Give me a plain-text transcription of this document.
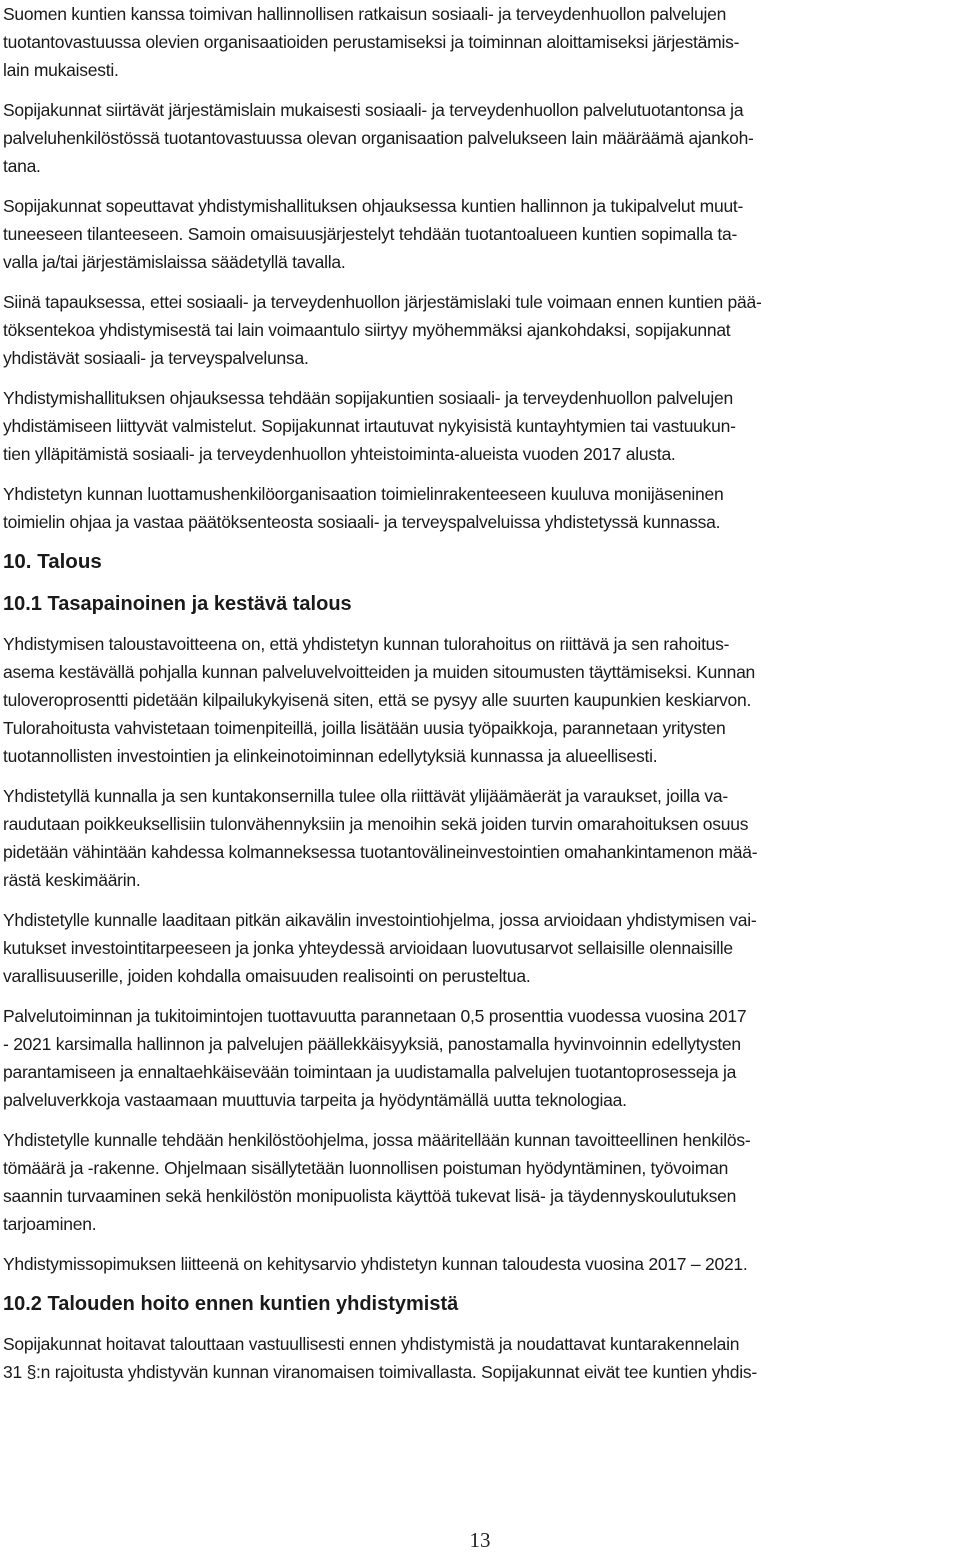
Suomen kuntien kanssa toimivan hallinnollisen ratkaisun sosiaali- ja terveydenhuollon palvelujen
tuotantovastuussa olevien organisaatioiden perustamiseksi ja toiminnan aloittamiseksi järjestämis-
lain mukaisesti.

Sopijakunnat siirtävät järjestämislain mukaisesti sosiaali- ja terveydenhuollon palvelutuotantonsa ja
palveluhenkilöstössä tuotantovastuussa olevan organisaation palvelukseen lain määräämä ajankoh-
tana.

Sopijakunnat sopeuttavat yhdistymishallituksen ohjauksessa kuntien hallinnon ja tukipalvelut muut-
tuneeseen tilanteeseen. Samoin omaisuusjärjestelyt tehdään tuotantoalueen kuntien sopimalla ta-
valla ja/tai järjestämislaissa säädetyllä tavalla.

Siinä tapauksessa, ettei sosiaali- ja terveydenhuollon järjestämislaki tule voimaan ennen kuntien pää-
töksentekoa yhdistymisestä tai lain voimaantulo siirtyy myöhemmäksi ajankohdaksi, sopijakunnat
yhdistävät sosiaali- ja terveyspalvelunsa.

Yhdistymishallituksen ohjauksessa tehdään sopijakuntien sosiaali- ja terveydenhuollon palvelujen
yhdistämiseen liittyvät valmistelut. Sopijakunnat irtautuvat nykyisistä kuntayhtymien tai vastuukun-
tien ylläpitämistä sosiaali- ja terveydenhuollon yhteistoiminta-alueista vuoden 2017 alusta.

Yhdistetyn kunnan luottamushenkilöorganisaation toimielinrakenteeseen kuuluva monijäseninen
toimielin ohjaa ja vastaa päätöksenteosta sosiaali- ja terveyspalveluissa yhdistetyssä kunnassa.

10. Talous
10.1 Tasapainoinen ja kestävä talous

Yhdistymisen taloustavoitteena on, että yhdistetyn kunnan tulorahoitus on riittävä ja sen rahoitus-
asema kestävällä pohjalla kunnan palveluvelvoitteiden ja muiden sitoumusten täyttämiseksi. Kunnan
tuloveroprosentti pidetään kilpailukykyisenä siten, että se pysyy alle suurten kaupunkien keskiarvon.
Tulorahoitusta vahvistetaan toimenpiteillä, joilla lisätään uusia työpaikkoja, parannetaan yritysten
tuotannollisten investointien ja elinkeinotoiminnan edellytyksiä kunnassa ja alueellisesti.

Yhdistetyllä kunnalla ja sen kuntakonsernilla tulee olla riittävät ylijäämäerät ja varaukset, joilla va-
raudutaan poikkeuksellisiin tulonvähennyksiin ja menoihin sekä joiden turvin omarahoituksen osuus
pidetään vähintään kahdessa kolmanneksessa tuotantovälineinvestointien omahankintamenon mää-
rästä keskimäärin.

Yhdistetylle kunnalle laaditaan pitkän aikavälin investointiohjelma, jossa arvioidaan yhdistymisen vai-
kutukset investointitarpeeseen ja jonka yhteydessä arvioidaan luovutusarvot sellaisille olennaisille
varallisuuserille, joiden kohdalla omaisuuden realisointi on perusteltua.

Palvelutoiminnan ja tukitoimintojen tuottavuutta parannetaan 0,5 prosenttia vuodessa vuosina 2017
- 2021 karsimalla hallinnon ja palvelujen päällekkäisyyksiä, panostamalla hyvinvoinnin edellytysten
parantamiseen ja ennaltaehkäisevään toimintaan ja uudistamalla palvelujen tuotantoprosesseja ja
palveluverkkoja vastaamaan muuttuvia tarpeita ja hyödyntämällä uutta teknologiaa.

Yhdistetylle kunnalle tehdään henkilöstöohjelma, jossa määritellään kunnan tavoitteellinen henkilös-
tömäärä ja -rakenne. Ohjelmaan sisällytetään luonnollisen poistuman hyödyntäminen, työvoiman
saannin turvaaminen sekä henkilöstön monipuolista käyttöä tukevat lisä- ja täydennyskoulutuksen
tarjoaminen.

Yhdistymissopimuksen liitteenä on kehitysarvio yhdistetyn kunnan taloudesta vuosina 2017 – 2021.

10.2 Talouden hoito ennen kuntien yhdistymistä

Sopijakunnat hoitavat talouttaan vastuullisesti ennen yhdistymistä ja noudattavat kuntarakennelain
31 §:n rajoitusta yhdistyvän kunnan viranomaisen toimivallasta. Sopijakunnat eivät tee kuntien yhdis-

13
